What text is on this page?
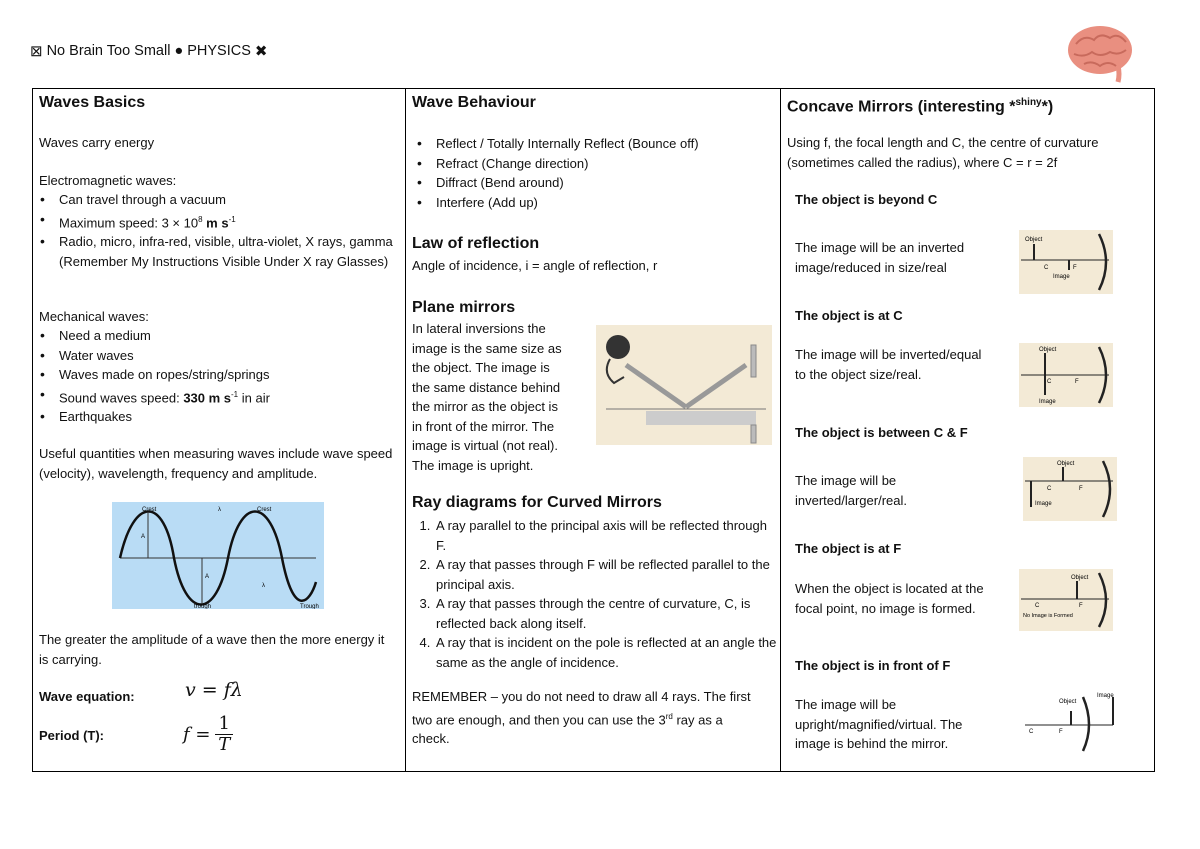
⊠ No Brain Too Small ● PHYSICS ✖
Waves Basics

Waves carry energy

Electromagnetic waves:

• Can travel through a vacuum
• Maximum speed: $3 \times 10^8$ m $s^{-1}$
• Radio, micro, infra-red, visible, ultra-violet, X rays, gamma (Remember My Instructions Visible Under X ray Glasses)

Mechanical waves:

• Need a medium
• Water waves
• Waves made on ropes/string/springs
• Sound waves speed: 330 m $s^{-1}$ in air
• Earthquakes

Useful quantities when measuring waves include wave speed (velocity), wavelength, frequency and amplitude.

Crest	Crest
λ
A
A
λ
trough	Trough

The greater the amplitude of a wave then the more energy it is carrying.

Wave equation:	v = fλ

Period (T):	$f = \frac{1}{T}$

Wave Behaviour
• Reflect / Totally Internally Reflect (Bounce off)
• Refract (Change direction)
• Diffract (Bend around)
• Interfere (Add up)
Law of reflection

Angle of incidence, i = angle of reflection, r

Plane mirrors
In lateral inversions the
image is the same size as
the object. The image is
the same distance behind
the mirror as the object is
in front of the mirror. The
image is virtual (not real).
The image is upright.
Ray diagrams for Curved Mirrors
1. A ray parallel to the principal axis will be reflected through F.
2. A ray that passes through F will be reflected parallel to the principal axis.
3. A ray that passes through the centre of curvature, C, is reflected back along itself.
4. A ray that is incident on the pole is reflected at an angle the same as the angle of incidence.

REMEMBER – you do not need to draw all 4 rays. The first two are enough, and then you can use the 3rd ray as a check.

Concave Mirrors (interesting *$^{shiny}$*)

Using f, the focal length and C, the centre of curvature (sometimes called the radius), where C = r = 2f

The object is beyond C

The image will be an inverted image/reduced in size/real

Object
C	F
Image

The object is at C

The image will be inverted/equal to the object size/real.

Object
C	F
Image

The object is between C & F

The image will be inverted/larger/real.

Object
C	F
Image

The object is at F

When the object is located at the focal point, no image is formed.

Object
C	F
No Image is Formed

The object is in front of F

The image will be upright/magnified/virtual. The image is behind the mirror.

Object
Image
C	F
